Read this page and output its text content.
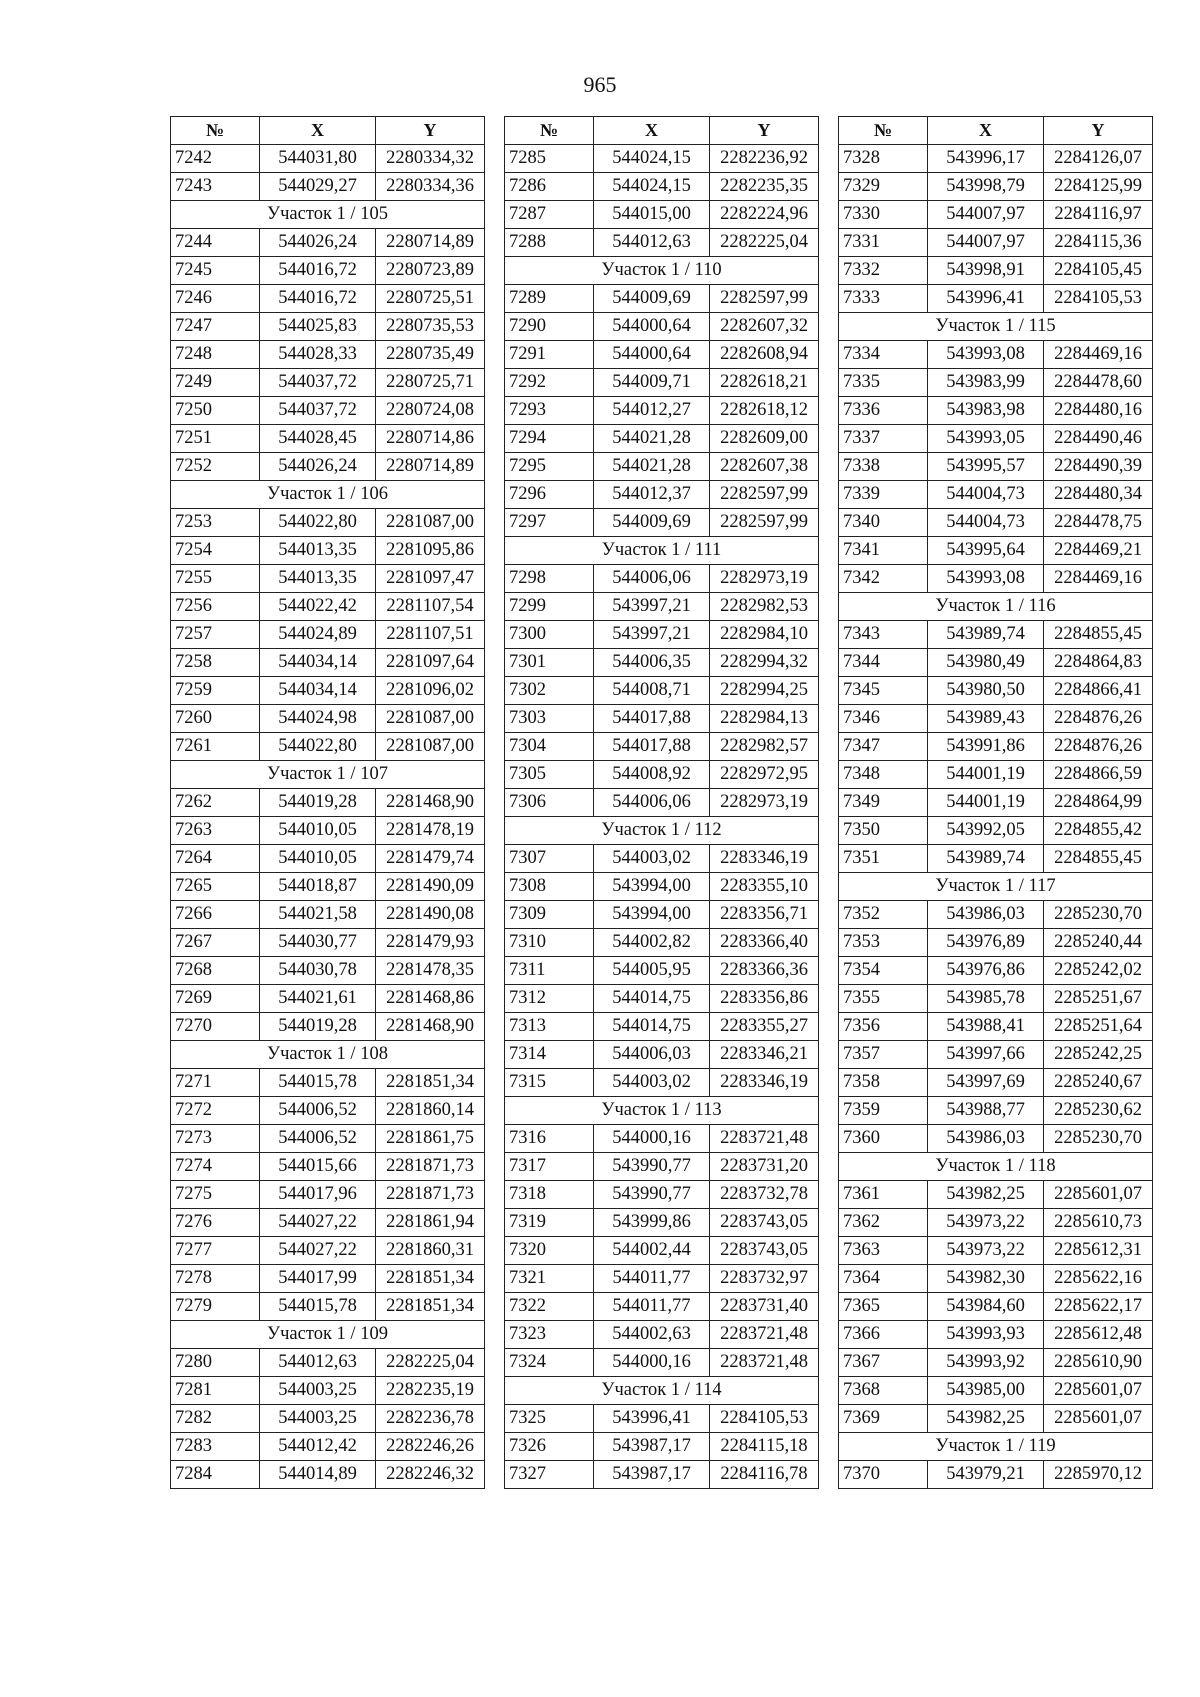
965
№	X	Y
7242	544031,80	2280334,32
7243	544029,27	2280334,36
Участок 1 / 105		
7244	544026,24	2280714,89
7245	544016,72	2280723,89
7246	544016,72	2280725,51
7247	544025,83	2280735,53
7248	544028,33	2280735,49
7249	544037,72	2280725,71
7250	544037,72	2280724,08
7251	544028,45	2280714,86
7252	544026,24	2280714,89
Участок 1 / 106		
7253	544022,80	2281087,00
7254	544013,35	2281095,86
7255	544013,35	2281097,47
7256	544022,42	2281107,54
7257	544024,89	2281107,51
7258	544034,14	2281097,64
7259	544034,14	2281096,02
7260	544024,98	2281087,00
7261	544022,80	2281087,00
Участок 1 / 107		
7262	544019,28	2281468,90
7263	544010,05	2281478,19
7264	544010,05	2281479,74
7265	544018,87	2281490,09
7266	544021,58	2281490,08
7267	544030,77	2281479,93
7268	544030,78	2281478,35
7269	544021,61	2281468,86
7270	544019,28	2281468,90
Участок 1 / 108		
7271	544015,78	2281851,34
7272	544006,52	2281860,14
7273	544006,52	2281861,75
7274	544015,66	2281871,73
7275	544017,96	2281871,73
7276	544027,22	2281861,94
7277	544027,22	2281860,31
7278	544017,99	2281851,34
7279	544015,78	2281851,34
Участок 1 / 109		
7280	544012,63	2282225,04
7281	544003,25	2282235,19
7282	544003,25	2282236,78
7283	544012,42	2282246,26
7284	544014,89	2282246,32
№	X	Y
7285	544024,15	2282236,92
7286	544024,15	2282235,35
7287	544015,00	2282224,96
7288	544012,63	2282225,04
Участок 1 / 110		
7289	544009,69	2282597,99
7290	544000,64	2282607,32
7291	544000,64	2282608,94
7292	544009,71	2282618,21
7293	544012,27	2282618,12
7294	544021,28	2282609,00
7295	544021,28	2282607,38
7296	544012,37	2282597,99
7297	544009,69	2282597,99
Участок 1 / 111		
7298	544006,06	2282973,19
7299	543997,21	2282982,53
7300	543997,21	2282984,10
7301	544006,35	2282994,32
7302	544008,71	2282994,25
7303	544017,88	2282984,13
7304	544017,88	2282982,57
7305	544008,92	2282972,95
7306	544006,06	2282973,19
Участок 1 / 112		
7307	544003,02	2283346,19
7308	543994,00	2283355,10
7309	543994,00	2283356,71
7310	544002,82	2283366,40
7311	544005,95	2283366,36
7312	544014,75	2283356,86
7313	544014,75	2283355,27
7314	544006,03	2283346,21
7315	544003,02	2283346,19
Участок 1 / 113		
7316	544000,16	2283721,48
7317	543990,77	2283731,20
7318	543990,77	2283732,78
7319	543999,86	2283743,05
7320	544002,44	2283743,05
7321	544011,77	2283732,97
7322	544011,77	2283731,40
7323	544002,63	2283721,48
7324	544000,16	2283721,48
Участок 1 / 114		
7325	543996,41	2284105,53
7326	543987,17	2284115,18
7327	543987,17	2284116,78
№	X	Y
7328	543996,17	2284126,07
7329	543998,79	2284125,99
7330	544007,97	2284116,97
7331	544007,97	2284115,36
7332	543998,91	2284105,45
7333	543996,41	2284105,53
Участок 1 / 115		
7334	543993,08	2284469,16
7335	543983,99	2284478,60
7336	543983,98	2284480,16
7337	543993,05	2284490,46
7338	543995,57	2284490,39
7339	544004,73	2284480,34
7340	544004,73	2284478,75
7341	543995,64	2284469,21
7342	543993,08	2284469,16
Участок 1 / 116		
7343	543989,74	2284855,45
7344	543980,49	2284864,83
7345	543980,50	2284866,41
7346	543989,43	2284876,26
7347	543991,86	2284876,26
7348	544001,19	2284866,59
7349	544001,19	2284864,99
7350	543992,05	2284855,42
7351	543989,74	2284855,45
Участок 1 / 117		
7352	543986,03	2285230,70
7353	543976,89	2285240,44
7354	543976,86	2285242,02
7355	543985,78	2285251,67
7356	543988,41	2285251,64
7357	543997,66	2285242,25
7358	543997,69	2285240,67
7359	543988,77	2285230,62
7360	543986,03	2285230,70
Участок 1 / 118		
7361	543982,25	2285601,07
7362	543973,22	2285610,73
7363	543973,22	2285612,31
7364	543982,30	2285622,16
7365	543984,60	2285622,17
7366	543993,93	2285612,48
7367	543993,92	2285610,90
7368	543985,00	2285601,07
7369	543982,25	2285601,07
Участок 1 / 119		
7370	543979,21	2285970,12
